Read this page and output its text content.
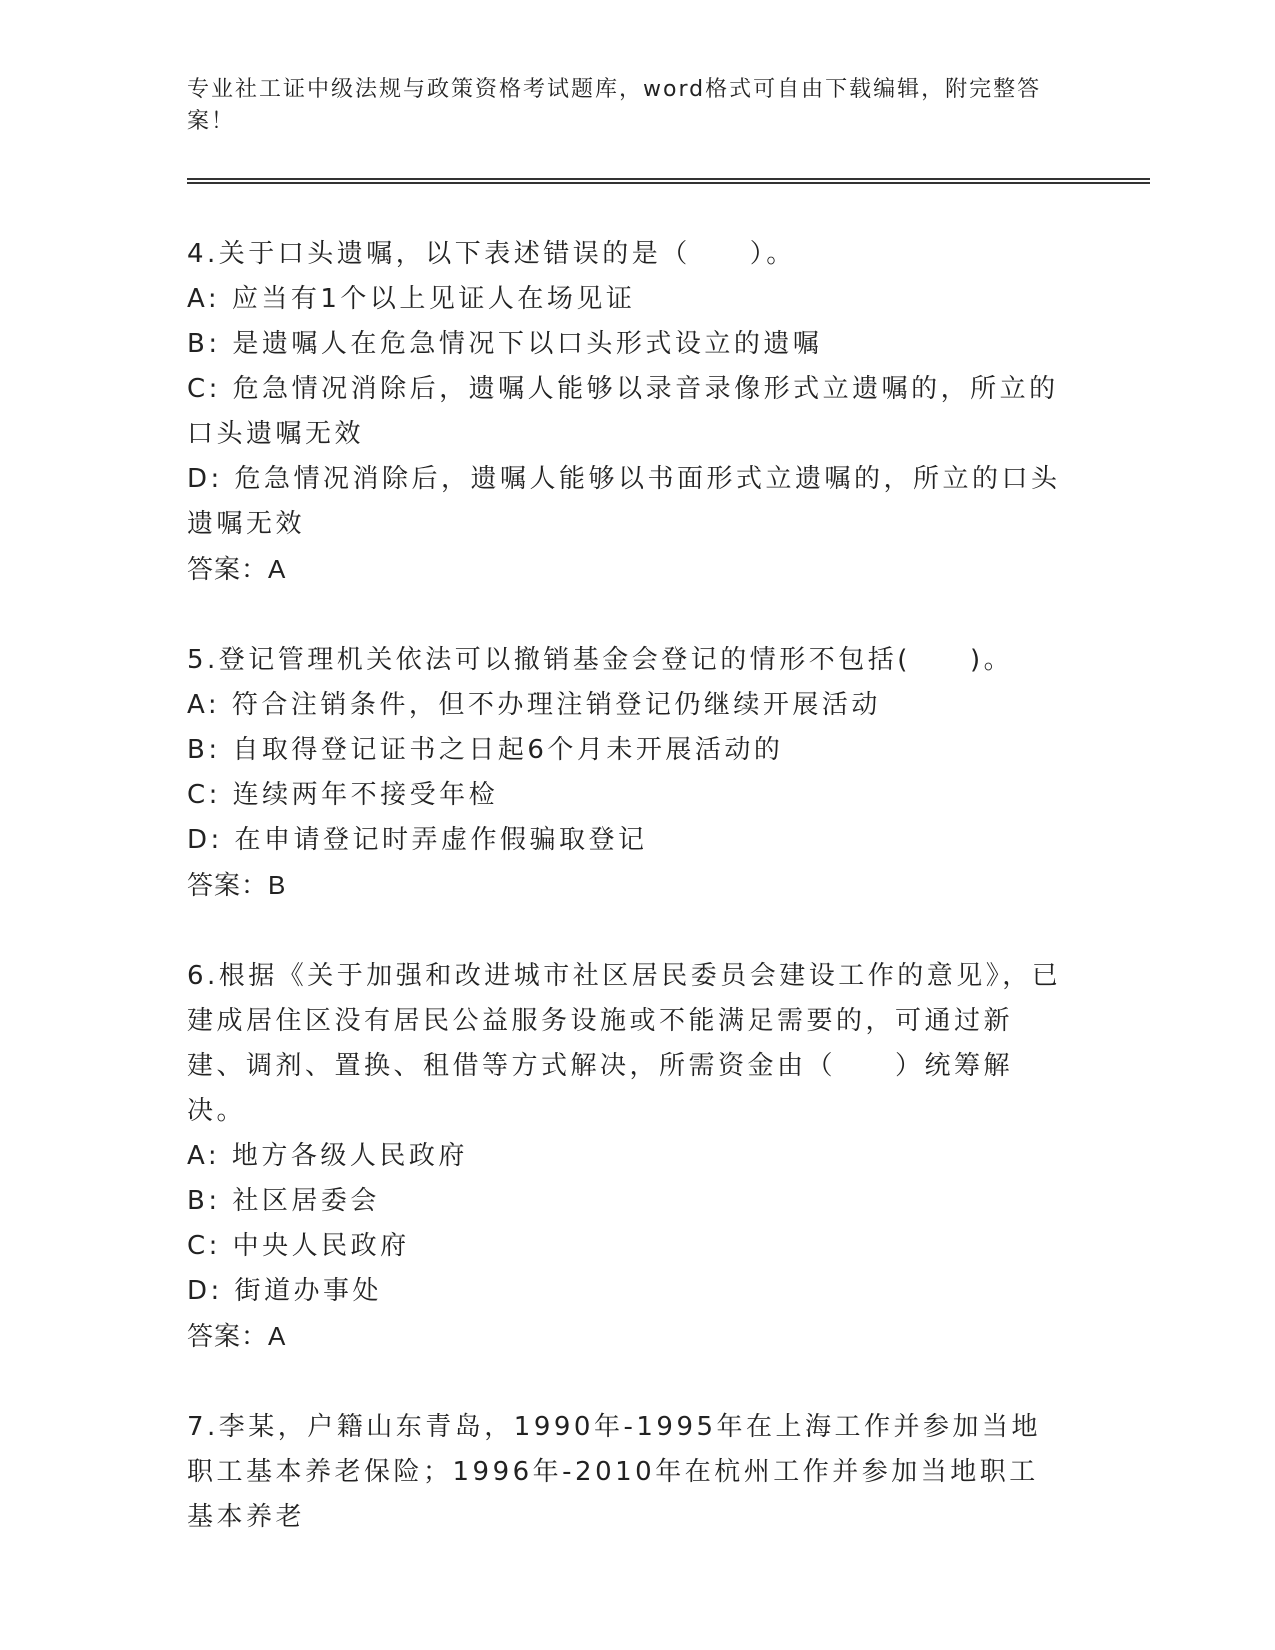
专业社工证中级法规与政策资格考试题库，word格式可自由下载编辑，附完整答案！

4.关于口头遗嘱，以下表述错误的是（　　）。

A: 应当有1个以上见证人在场见证

B: 是遗嘱人在危急情况下以口头形式设立的遗嘱

C: 危急情况消除后，遗嘱人能够以录音录像形式立遗嘱的，所立的口头遗嘱无效

D: 危急情况消除后，遗嘱人能够以书面形式立遗嘱的，所立的口头遗嘱无效

答案：A

5.登记管理机关依法可以撤销基金会登记的情形不包括(　　)。

A: 符合注销条件，但不办理注销登记仍继续开展活动

B: 自取得登记证书之日起6个月未开展活动的

C: 连续两年不接受年检

D: 在申请登记时弄虚作假骗取登记

答案：B

6.根据《关于加强和改进城市社区居民委员会建设工作的意见》，已建成居住区没有居民公益服务设施或不能满足需要的，可通过新建、调剂、置换、租借等方式解决，所需资金由（　　）统筹解决。

A: 地方各级人民政府

B: 社区居委会

C: 中央人民政府

D: 街道办事处

答案：A

7.李某，户籍山东青岛，1990年-1995年在上海工作并参加当地职工基本养老保险；1996年-2010年在杭州工作并参加当地职工基本养老
